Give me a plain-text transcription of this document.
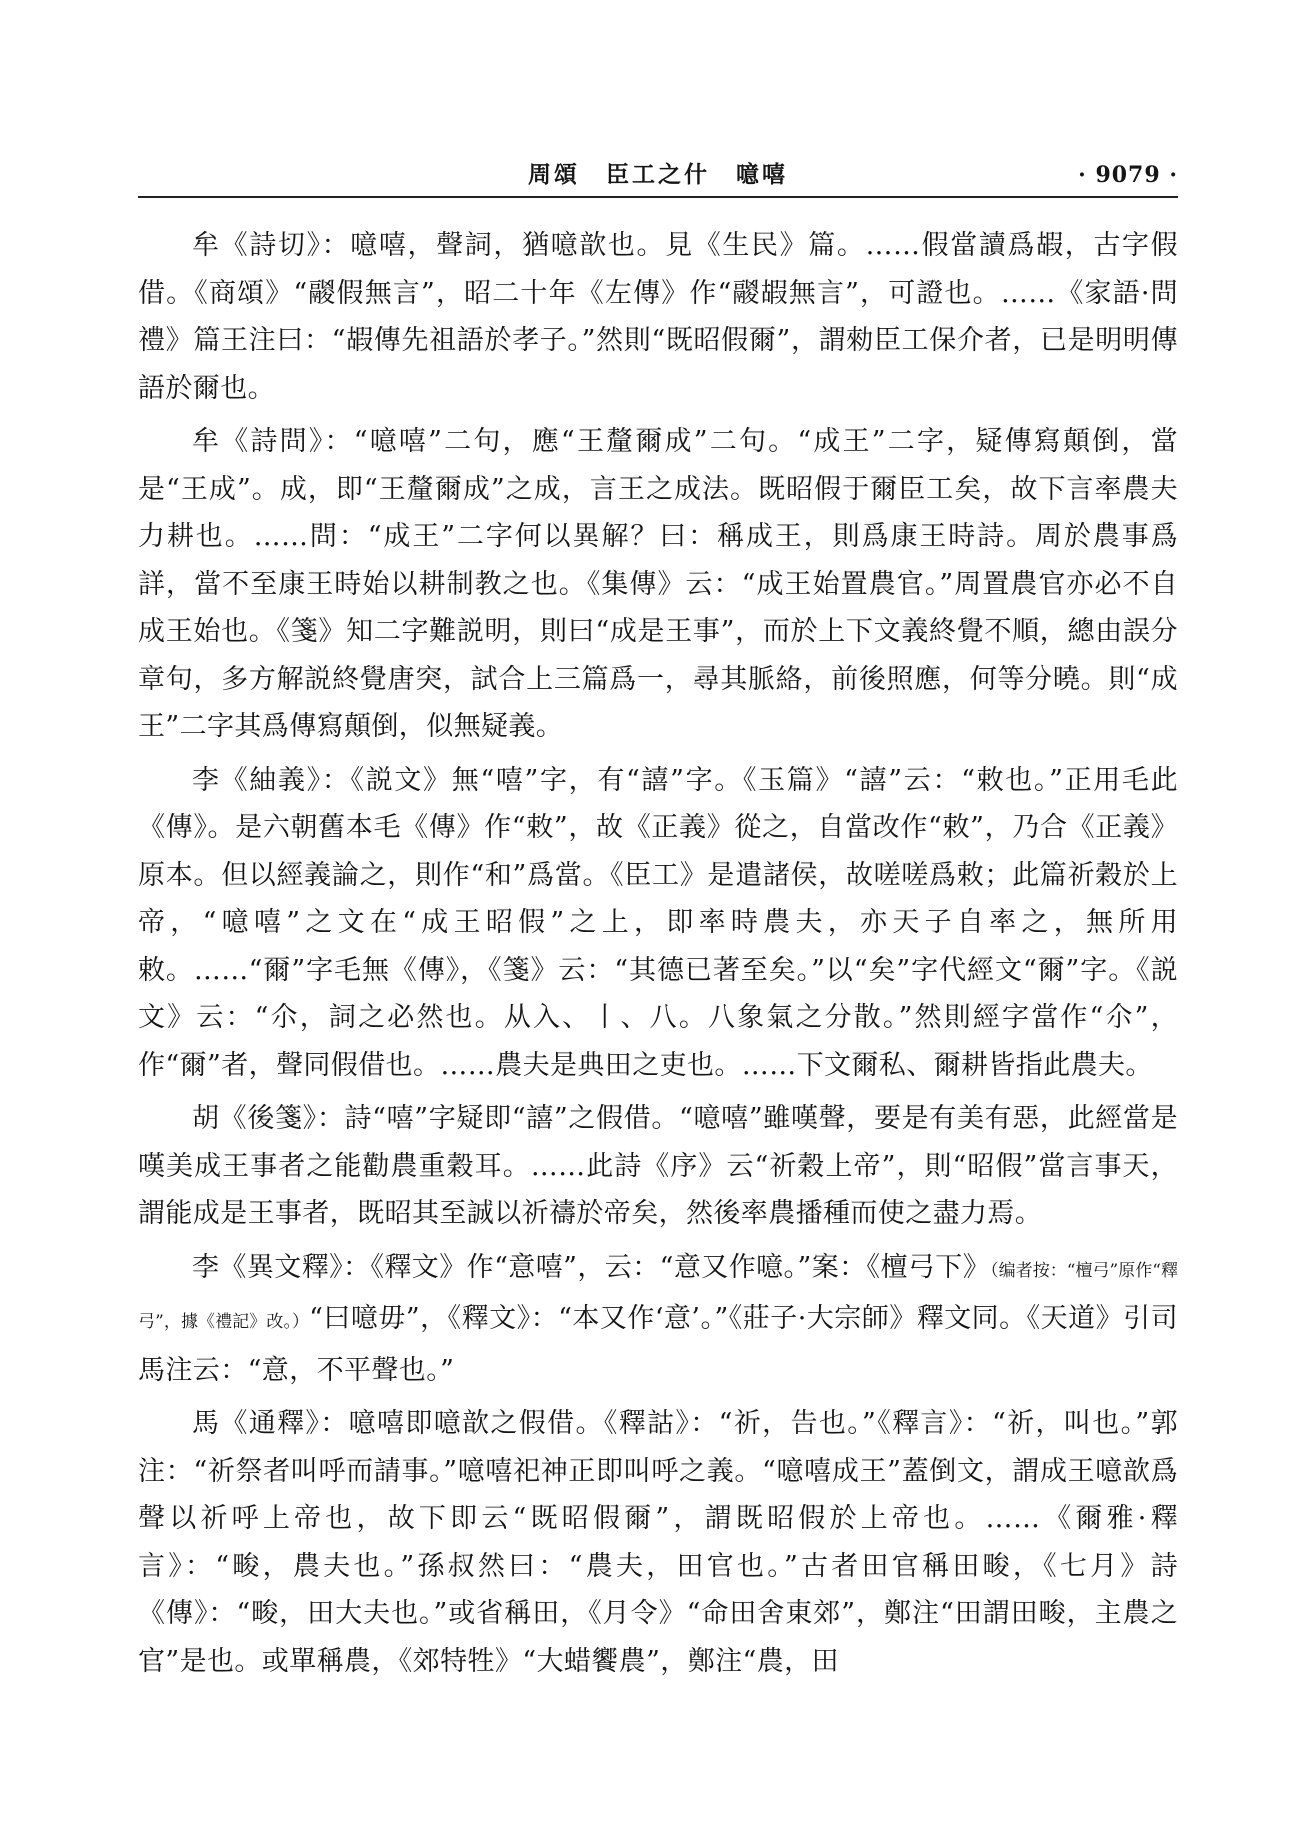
周頌　臣工之什　噫嘻	· 9079 ·

牟《詩切》：噫嘻，聲詞，猶噫歆也。見《生民》篇。……假當讀爲嘏，古字假借。《商頌》“鬷假無言”，昭二十年《左傳》作“鬷嘏無言”，可證也。……《家語·問禮》篇王注曰：“嘏傳先祖語於孝子。”然則“既昭假爾”，謂勑臣工保介者，已是明明傳語於爾也。

牟《詩問》：“噫嘻”二句，應“王釐爾成”二句。“成王”二字，疑傳寫顛倒，當是“王成”。成，即“王釐爾成”之成，言王之成法。既昭假于爾臣工矣，故下言率農夫力耕也。……問：“成王”二字何以異解？曰：稱成王，則爲康王時詩。周於農事爲詳，當不至康王時始以耕制教之也。《集傳》云：“成王始置農官。”周置農官亦必不自成王始也。《箋》知二字難説明，則曰“成是王事”，而於上下文義終覺不順，總由誤分章句，多方解説終覺唐突，試合上三篇爲一，尋其脈絡，前後照應，何等分曉。則“成王”二字其爲傳寫顛倒，似無疑義。

李《紬義》：《説文》無“嘻”字，有“譆”字。《玉篇》“譆”云：“敕也。”正用毛此《傳》。是六朝舊本毛《傳》作“敕”，故《正義》從之，自當改作“敕”，乃合《正義》原本。但以經義論之，則作“和”爲當。《臣工》是遣諸侯，故嗟嗟爲敕；此篇祈穀於上帝，“噫嘻”之文在“成王昭假”之上，即率時農夫，亦天子自率之，無所用敕。……“爾”字毛無《傳》，《箋》云：“其德已著至矣。”以“矣”字代經文“爾”字。《説文》云：“尒，詞之必然也。从入、丨、八。八象氣之分散。”然則經字當作“尒”，作“爾”者，聲同假借也。……農夫是典田之吏也。……下文爾私、爾耕皆指此農夫。

胡《後箋》：詩“嘻”字疑即“譆”之假借。“噫嘻”雖嘆聲，要是有美有惡，此經當是嘆美成王事者之能勸農重穀耳。……此詩《序》云“祈穀上帝”，則“昭假”當言事天，謂能成是王事者，既昭其至誠以祈禱於帝矣，然後率農播種而使之盡力焉。

李《異文釋》：《釋文》作“意嘻”，云：“意又作噫。”案：《檀弓下》（编者按：“檀弓”原作“釋弓”，據《禮記》改。）“曰噫毋”，《釋文》：“本又作‘意’。”《莊子·大宗師》釋文同。《天道》引司馬注云：“意，不平聲也。”

馬《通釋》：噫嘻即噫歆之假借。《釋詁》：“祈，告也。”《釋言》：“祈，叫也。”郭注：“祈祭者叫呼而請事。”噫嘻祀神正即叫呼之義。“噫嘻成王”蓋倒文，謂成王噫歆爲聲以祈呼上帝也，故下即云“既昭假爾”，謂既昭假於上帝也。……《爾雅·釋言》：“畯，農夫也。”孫叔然曰：“農夫，田官也。”古者田官稱田畯，《七月》詩《傳》：“畯，田大夫也。”或省稱田，《月令》“命田舍東郊”，鄭注“田謂田畯，主農之官”是也。或單稱農，《郊特牲》“大蜡饗農”，鄭注“農，田
